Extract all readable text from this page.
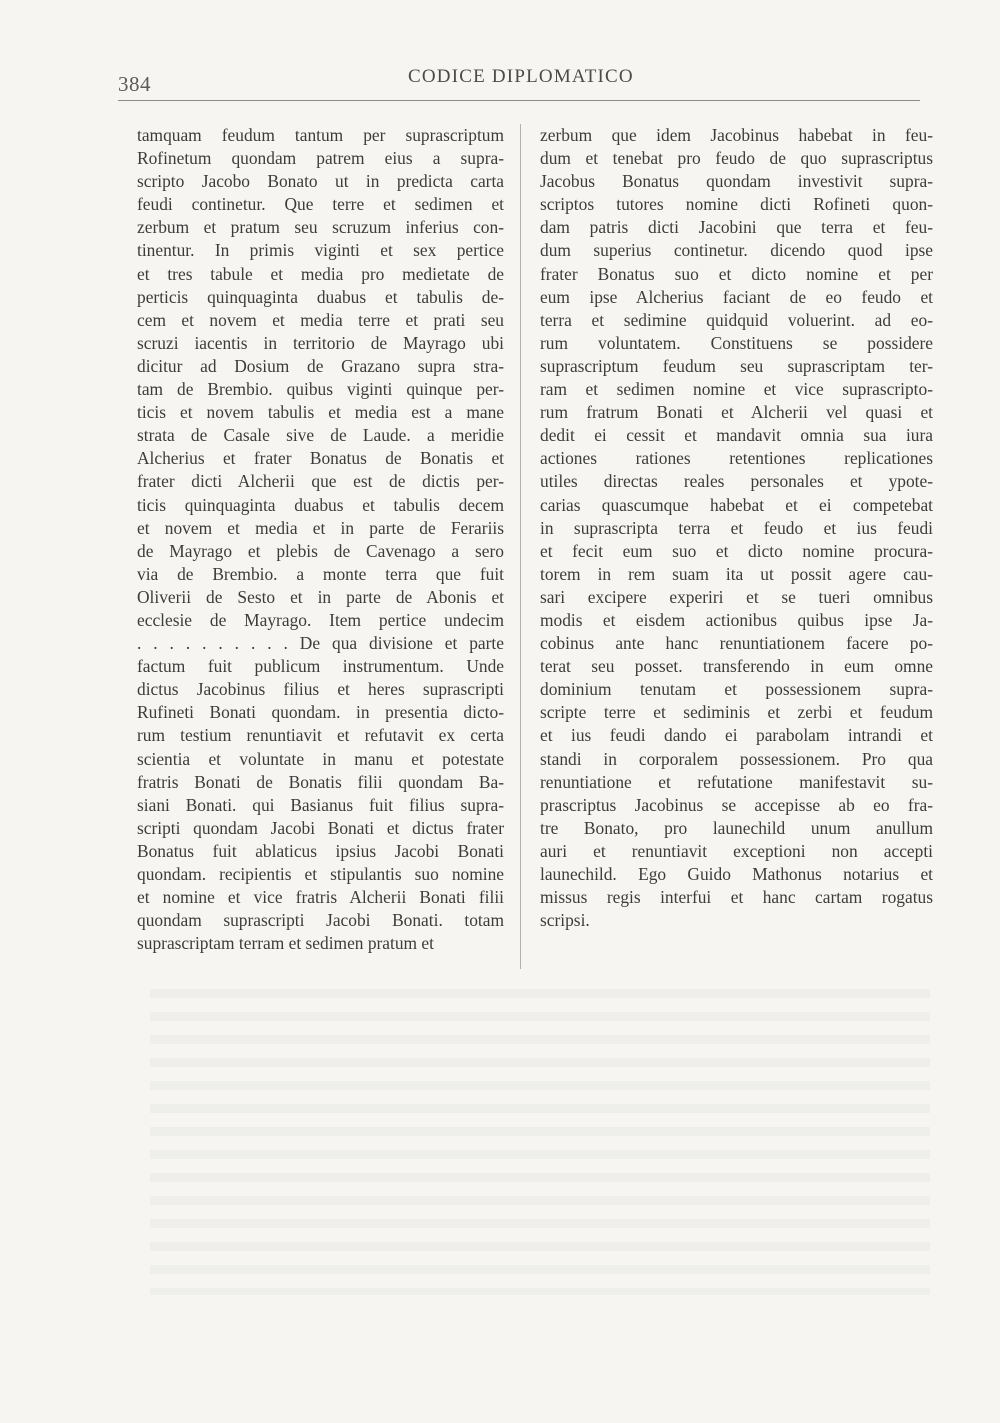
384	CODICE DIPLOMATICO
tamquam feudum tantum per suprascriptum
Rofinetum quondam patrem eius a supra-
scripto Jacobo Bonato ut in predicta carta
feudi continetur. Que terre et sedimen et
zerbum et pratum seu scruzum inferius con-
tinentur. In primis viginti et sex pertice
et tres tabule et media pro medietate de
perticis quinquaginta duabus et tabulis de-
cem et novem et media terre et prati seu
scruzi iacentis in territorio de Mayrago ubi
dicitur ad Dosium de Grazano supra stra-
tam de Brembio. quibus viginti quinque per-
ticis et novem tabulis et media est a mane
strata de Casale sive de Laude. a meridie
Alcherius et frater Bonatus de Bonatis et
frater dicti Alcherii que est de dictis per-
ticis quinquaginta duabus et tabulis decem
et novem et media et in parte de Ferariis
de Mayrago et plebis de Cavenago a sero
via de Brembio. a monte terra que fuit
Oliverii de Sesto et in parte de Abonis et
ecclesie de Mayrago. Item pertice undecim
. . . . . . . . . . De qua divisione et parte
factum fuit publicum instrumentum. Unde
dictus Jacobinus filius et heres suprascripti
Rufineti Bonati quondam. in presentia dicto-
rum testium renuntiavit et refutavit ex certa
scientia et voluntate in manu et potestate
fratris Bonati de Bonatis filii quondam Ba-
siani Bonati. qui Basianus fuit filius supra-
scripti quondam Jacobi Bonati et dictus frater
Bonatus fuit ablaticus ipsius Jacobi Bonati
quondam. recipientis et stipulantis suo nomine
et nomine et vice fratris Alcherii Bonati filii
quondam suprascripti Jacobi Bonati. totam
suprascriptam terram et sedimen pratum et
zerbum que idem Jacobinus habebat in feu-
dum et tenebat pro feudo de quo suprascriptus
Jacobus Bonatus quondam investivit supra-
scriptos tutores nomine dicti Rofineti quon-
dam patris dicti Jacobini que terra et feu-
dum superius continetur. dicendo quod ipse
frater Bonatus suo et dicto nomine et per
eum ipse Alcherius faciant de eo feudo et
terra et sedimine quidquid voluerint. ad eo-
rum voluntatem. Constituens se possidere
suprascriptum feudum seu suprascriptam ter-
ram et sedimen nomine et vice suprascripto-
rum fratrum Bonati et Alcherii vel quasi et
dedit ei cessit et mandavit omnia sua iura
actiones rationes retentiones replicationes
utiles directas reales personales et ypote-
carias quascumque habebat et ei competebat
in suprascripta terra et feudo et ius feudi
et fecit eum suo et dicto nomine procura-
torem in rem suam ita ut possit agere cau-
sari excipere experiri et se tueri omnibus
modis et eisdem actionibus quibus ipse Ja-
cobinus ante hanc renuntiationem facere po-
terat seu posset. transferendo in eum omne
dominium tenutam et possessionem supra-
scripte terre et sediminis et zerbi et feudum
et ius feudi dando ei parabolam intrandi et
standi in corporalem possessionem. Pro qua
renuntiatione et refutatione manifestavit su-
prascriptus Jacobinus se accepisse ab eo fra-
tre Bonato, pro launechild unum anullum
auri et renuntiavit exceptioni non accepti
launechild. Ego Guido Mathonus notarius et
missus regis interfui et hanc cartam rogatus
scripsi.
